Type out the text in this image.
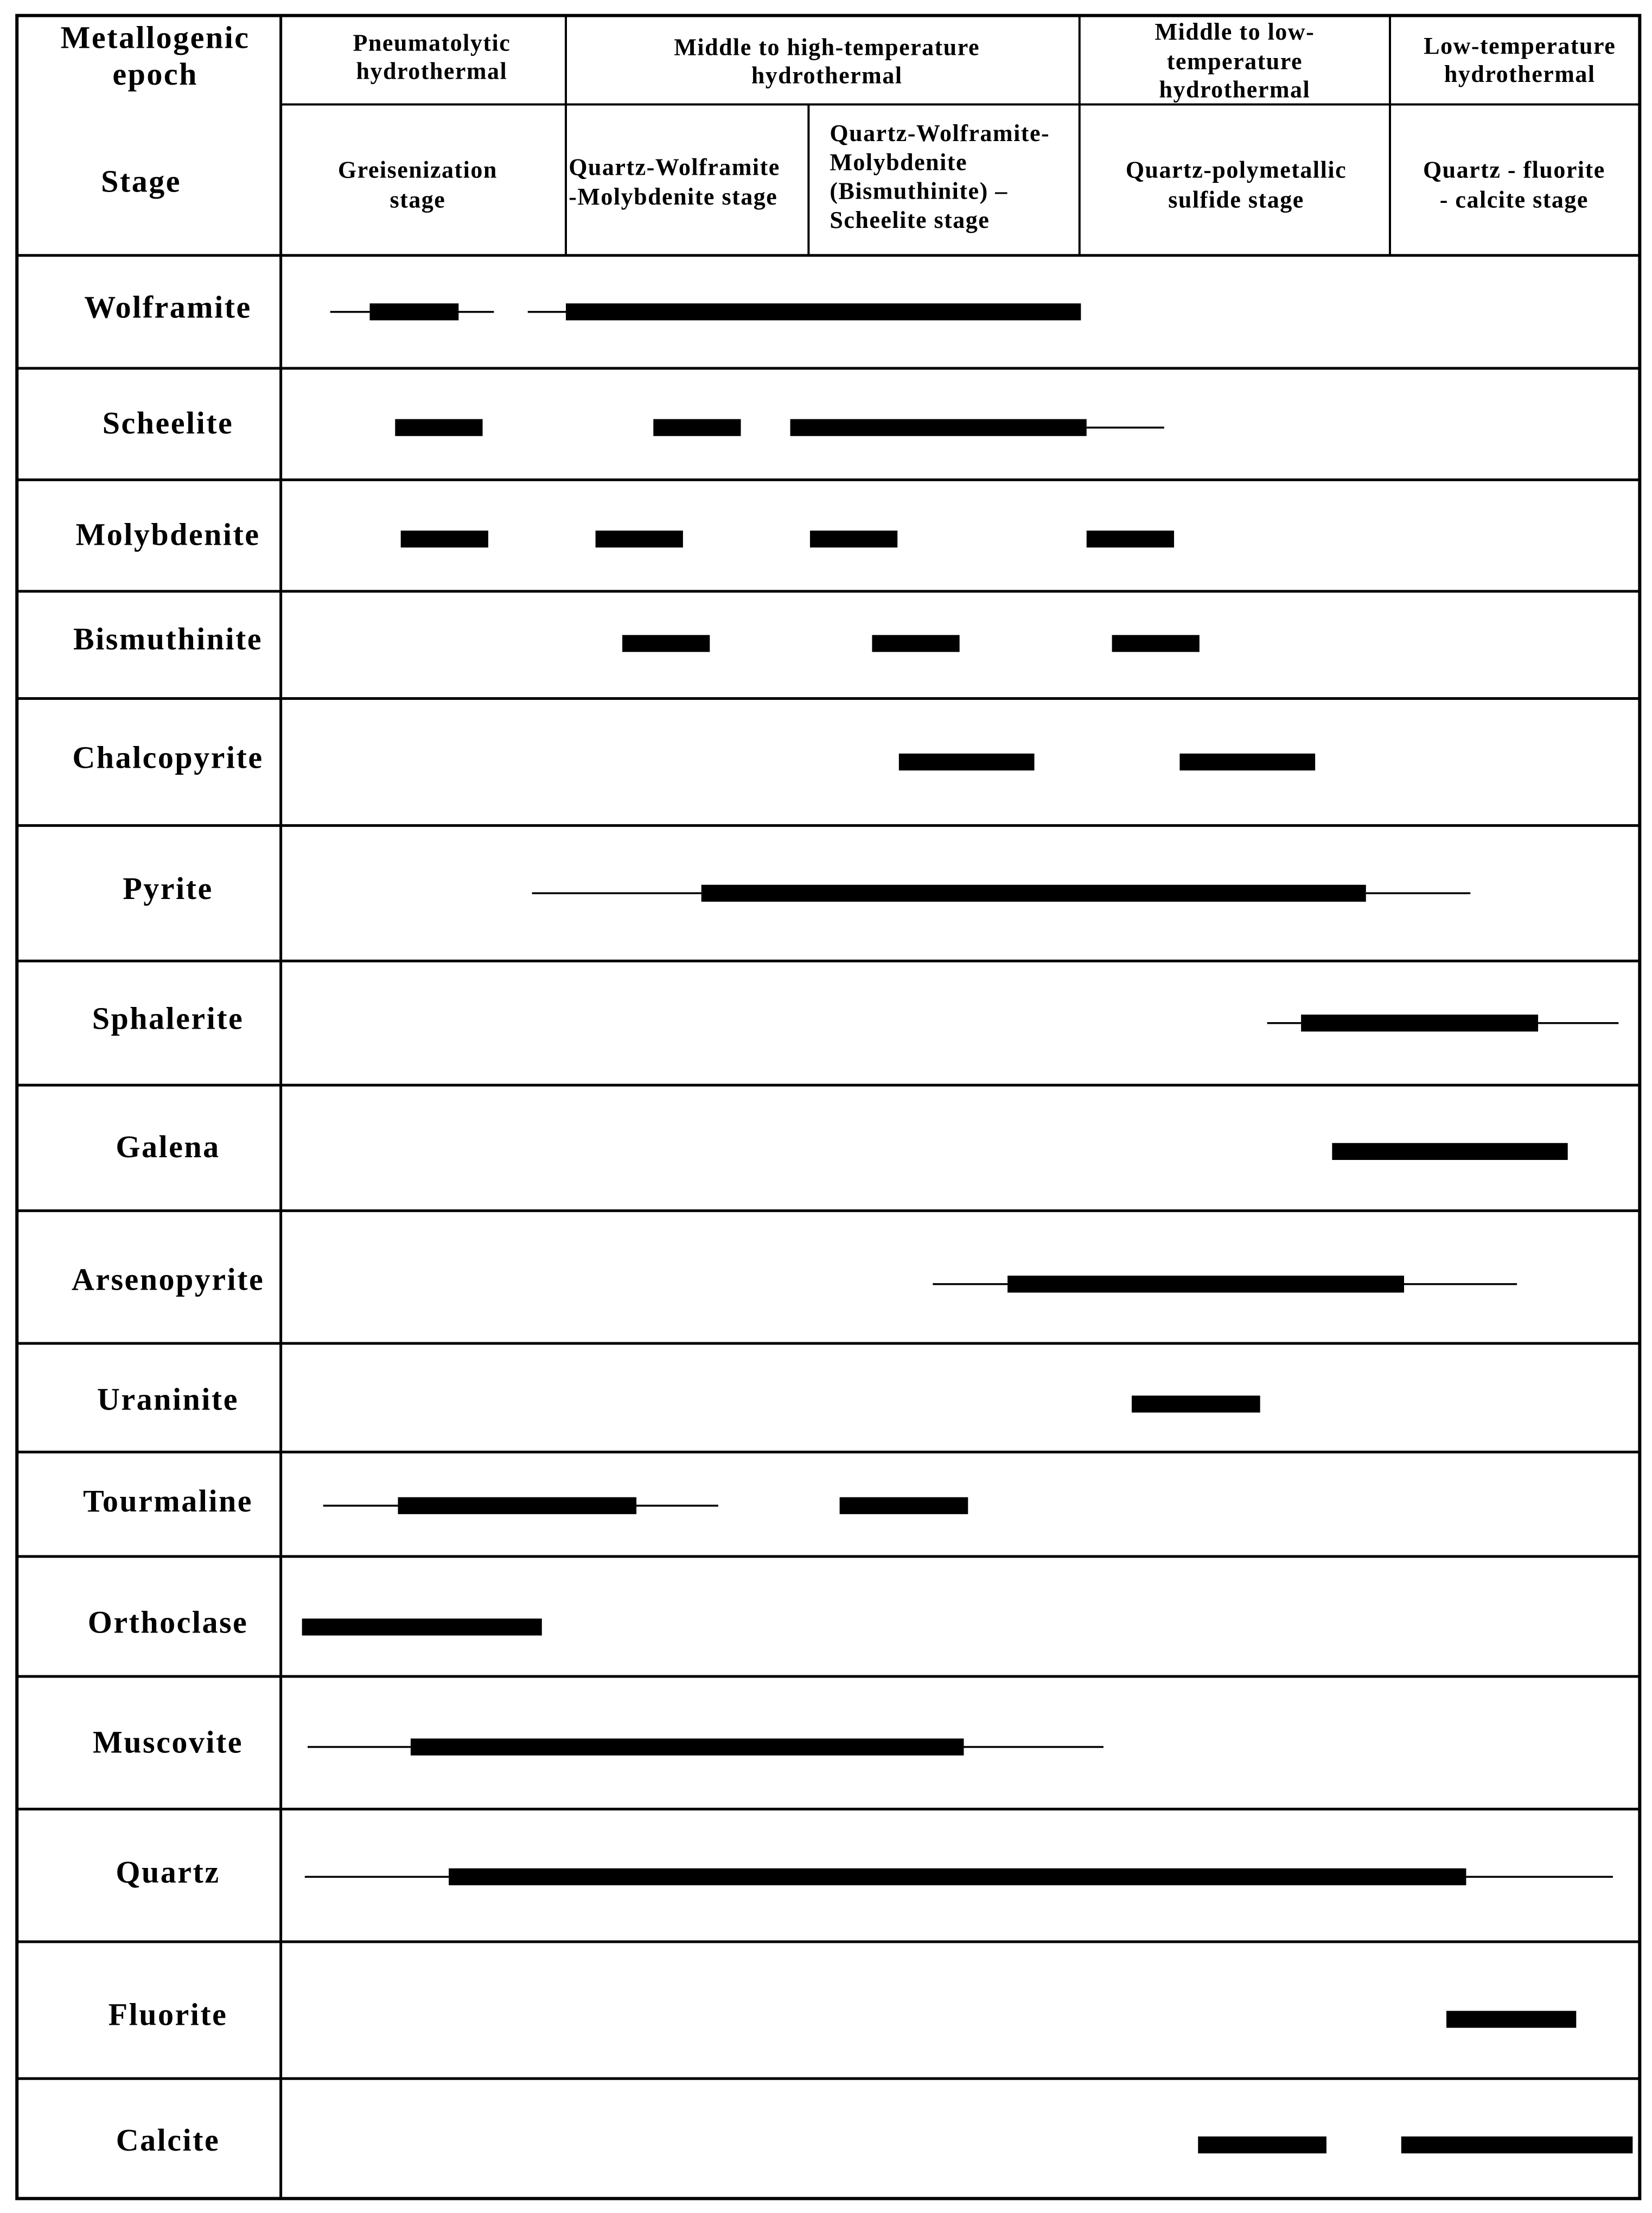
Metallogenic epoch
Stage
Pneumatolytic hydrothermal
Middle to high-temperature hydrothermal
Middle to low-temperature hydrothermal
Low-temperature hydrothermal
Greisenization stage
Quartz-Wolframite -Molybdenite stage
Quartz-Wolframite-Molybdenite (Bismuthinite) – Scheelite stage
Quartz-polymetallic sulfide stage
Quartz - fluorite - calcite stage
Wolframite
Scheelite
Molybdenite
Bismuthinite
Chalcopyrite
Pyrite
Sphalerite
Galena
Arsenopyrite
Uraninite
Tourmaline
Orthoclase
Muscovite
Quartz
Fluorite
Calcite
